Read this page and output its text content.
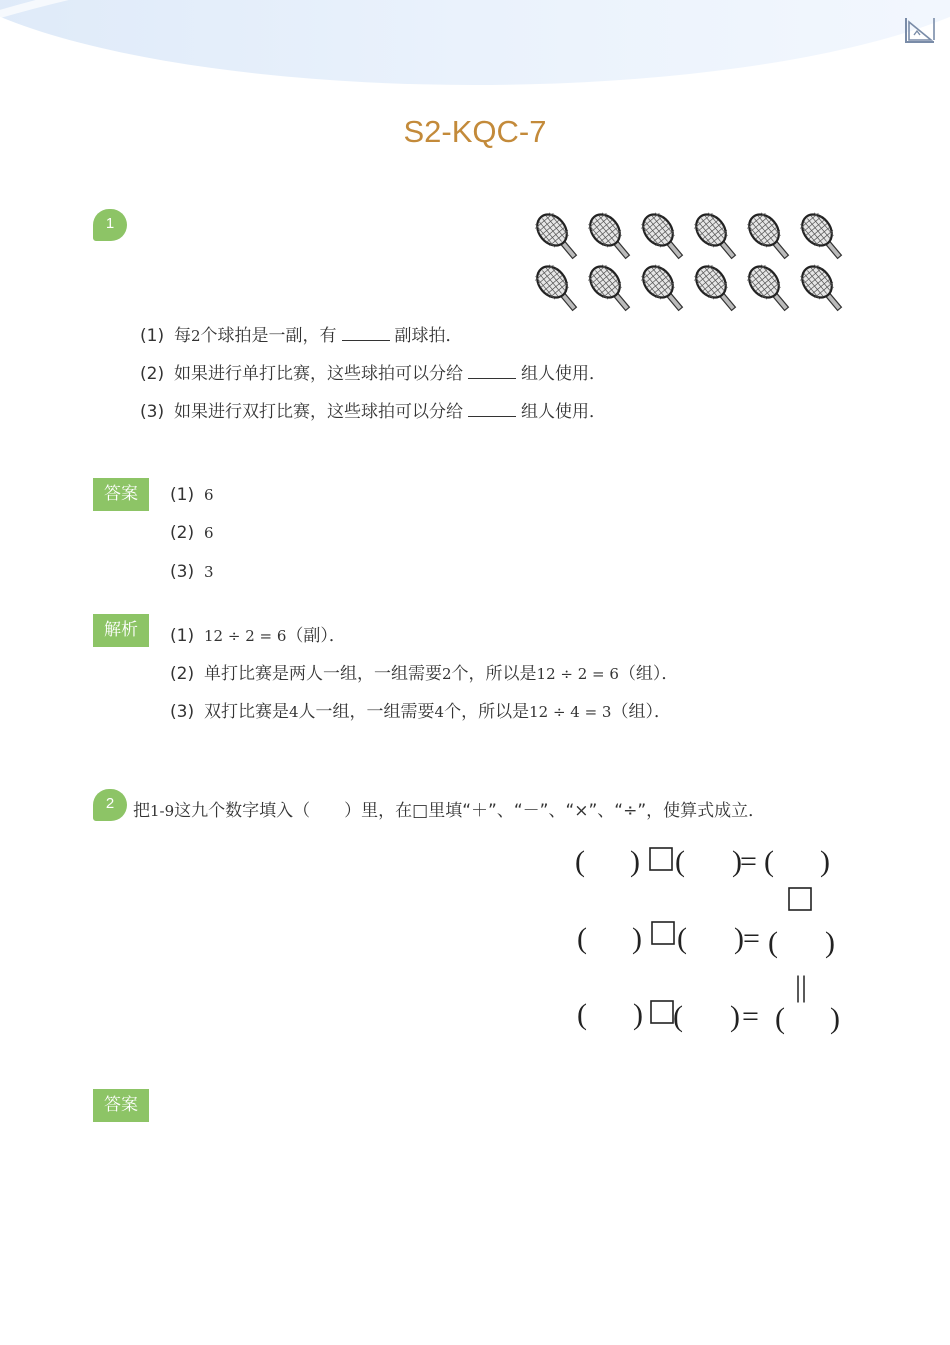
S2-KQC-7
1
(1) 每2个球拍是一副，有	副球拍．
(2) 如果进行单打比赛，这些球拍可以分给	组人使用．
(3) 如果进行双打比赛，这些球拍可以分给	组人使用．
答案	(1) 6
(2) 6
(3) 3
解析	(1) 12 ÷ 2 = 6（副）．
(2) 单打比赛是两人一组，一组需要2个，所以是12 ÷ 2 = 6（组）．
(3) 双打比赛是4人一组，一组需要4个，所以是12 ÷ 4 = 3（组）．
2	把1-9这九个数字填入（　　）里，在□里填“＋”、“－”、“×”、“÷”，使算式成立．
( ) ( )
= ( )
( ) ( ) = ( )
||
( ) ( ) = ( )
答案
